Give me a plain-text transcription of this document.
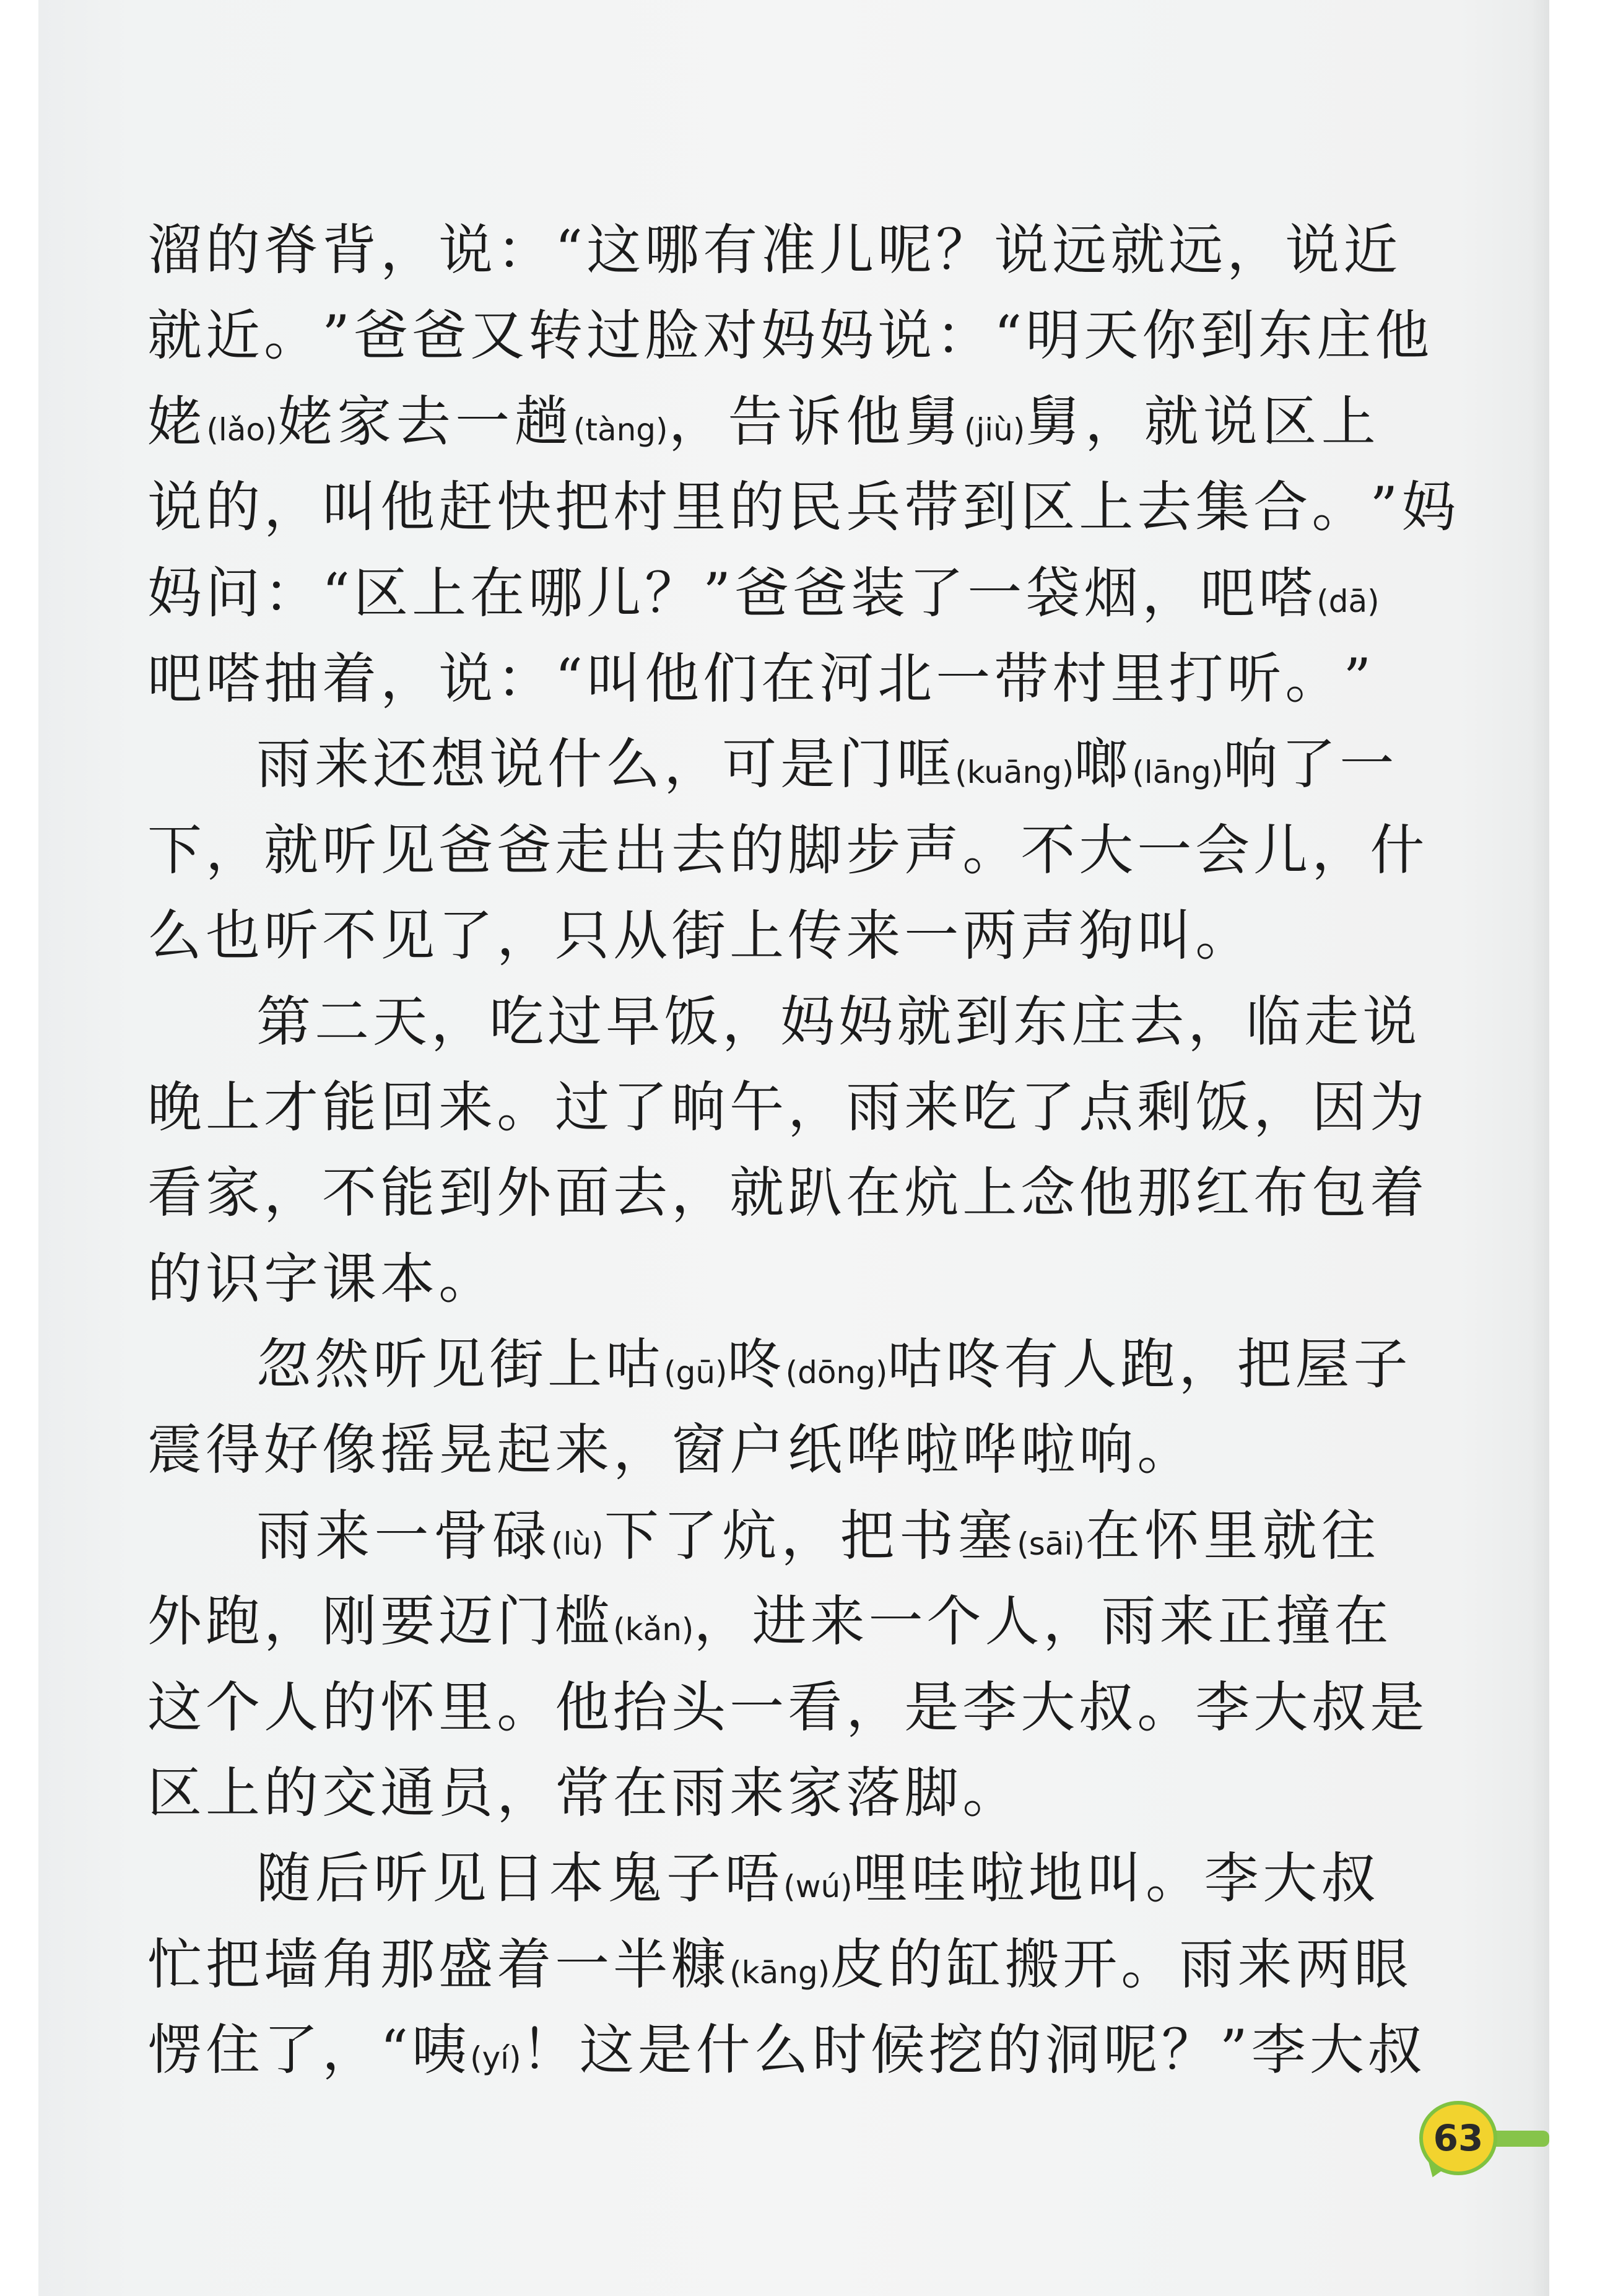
溜 的 脊 背 ， 说 ： “ 这 哪 有 准 儿 呢 ？ 说 远 就 远 ， 说 近
就 近 。 ” 爸 爸 又 转 过 脸 对 妈 妈 说 ： “ 明 天 你 到 东 庄 他
姥 (lǎo) 姥 家 去 一 趟 (tàng) ， 告 诉 他 舅 (jiù) 舅 ， 就 说 区 上
说 的 ， 叫 他 赶 快 把 村 里 的 民 兵 带 到 区 上 去 集 合 。 ” 妈
妈 问 ： “ 区 上 在 哪 儿 ？ ” 爸 爸 装 了 一 袋 烟 ， 吧 嗒 (dā)
吧 嗒 抽 着 ， 说 ： “ 叫 他 们 在 河 北 一 带 村 里 打 听 。 ”
雨 来 还 想 说 什 么 ， 可 是 门 哐 (kuāng) 啷 (lāng) 响 了 一
下 ， 就 听 见 爸 爸 走 出 去 的 脚 步 声 。 不 大 一 会 儿 ， 什
么 也 听 不 见 了 ， 只 从 街 上 传 来 一 两 声 狗 叫 。
第 二 天 ， 吃 过 早 饭 ， 妈 妈 就 到 东 庄 去 ， 临 走 说
晚 上 才 能 回 来 。 过 了 晌 午 ， 雨 来 吃 了 点 剩 饭 ， 因 为
看 家 ， 不 能 到 外 面 去 ， 就 趴 在 炕 上 念 他 那 红 布 包 着
的 识 字 课 本 。
忽 然 听 见 街 上 咕 (gū) 咚 (dōng) 咕 咚 有 人 跑 ， 把 屋 子
震 得 好 像 摇 晃 起 来 ， 窗 户 纸 哗 啦 哗 啦 响 。
雨 来 一 骨 碌 (lù) 下 了 炕 ， 把 书 塞 (sāi) 在 怀 里 就 往
外 跑 ， 刚 要 迈 门 槛 (kǎn) ， 进 来 一 个 人 ， 雨 来 正 撞 在
这 个 人 的 怀 里 。 他 抬 头 一 看 ， 是 李 大 叔 。 李 大 叔 是
区 上 的 交 通 员 ， 常 在 雨 来 家 落 脚 。
随 后 听 见 日 本 鬼 子 唔 (wú) 哩 哇 啦 地 叫 。 李 大 叔
忙 把 墙 角 那 盛 着 一 半 糠 (kāng) 皮 的 缸 搬 开 。 雨 来 两 眼
愣 住 了 ， “ 咦 (yí) ！ 这 是 什 么 时 候 挖 的 洞 呢 ？ ” 李 大 叔
63
